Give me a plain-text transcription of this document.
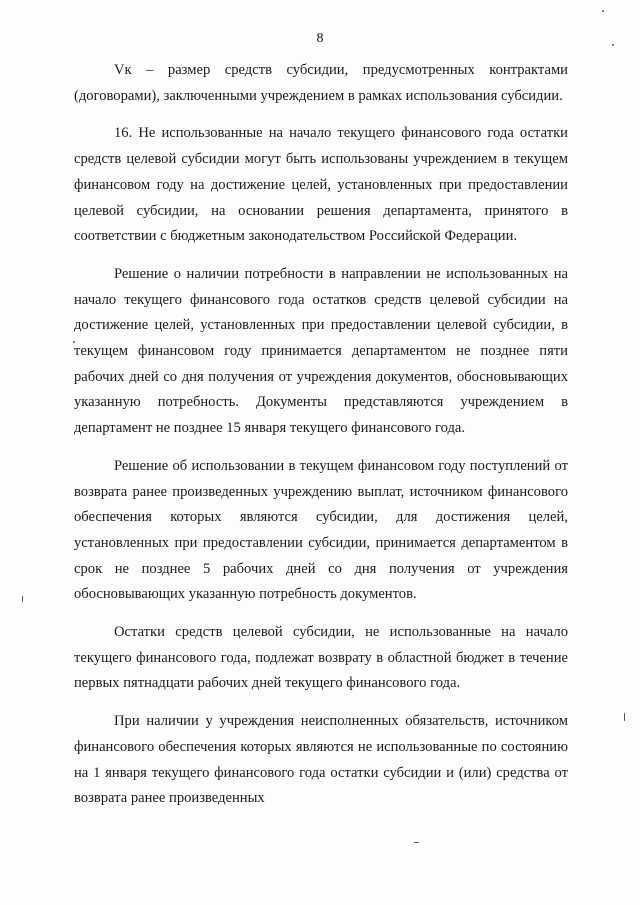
8

Vк – размер средств субсидии, предусмотренных контрактами (договорами), заключенными учреждением в рамках использования субсидии.

16. Не использованные на начало текущего финансового года остатки средств целевой субсидии могут быть использованы учреждением в текущем финансовом году на достижение целей, установленных при предоставлении целевой субсидии, на основании решения департамента, принятого в соответствии с бюджетным законодательством Российской Федерации.

Решение о наличии потребности в направлении не использованных на начало текущего финансового года остатков средств целевой субсидии на достижение целей, установленных при предоставлении целевой субсидии, в текущем финансовом году принимается департаментом не позднее пяти рабочих дней со дня получения от учреждения документов, обосновывающих указанную потребность. Документы представляются учреждением в департамент не позднее 15 января текущего финансового года.

Решение об использовании в текущем финансовом году поступлений от возврата ранее произведенных учреждению выплат, источником финансового обеспечения которых являются субсидии, для достижения целей, установленных при предоставлении субсидии, принимается департаментом в срок не позднее 5 рабочих дней со дня получения от учреждения обосновывающих указанную потребность документов.

Остатки средств целевой субсидии, не использованные на начало текущего финансового года, подлежат возврату в областной бюджет в течение первых пятнадцати рабочих дней текущего финансового года.

При наличии у учреждения неисполненных обязательств, источником финансового обеспечения которых являются не использованные по состоянию на 1 января текущего финансового года остатки субсидии и (или) средства от возврата ранее произведенных
